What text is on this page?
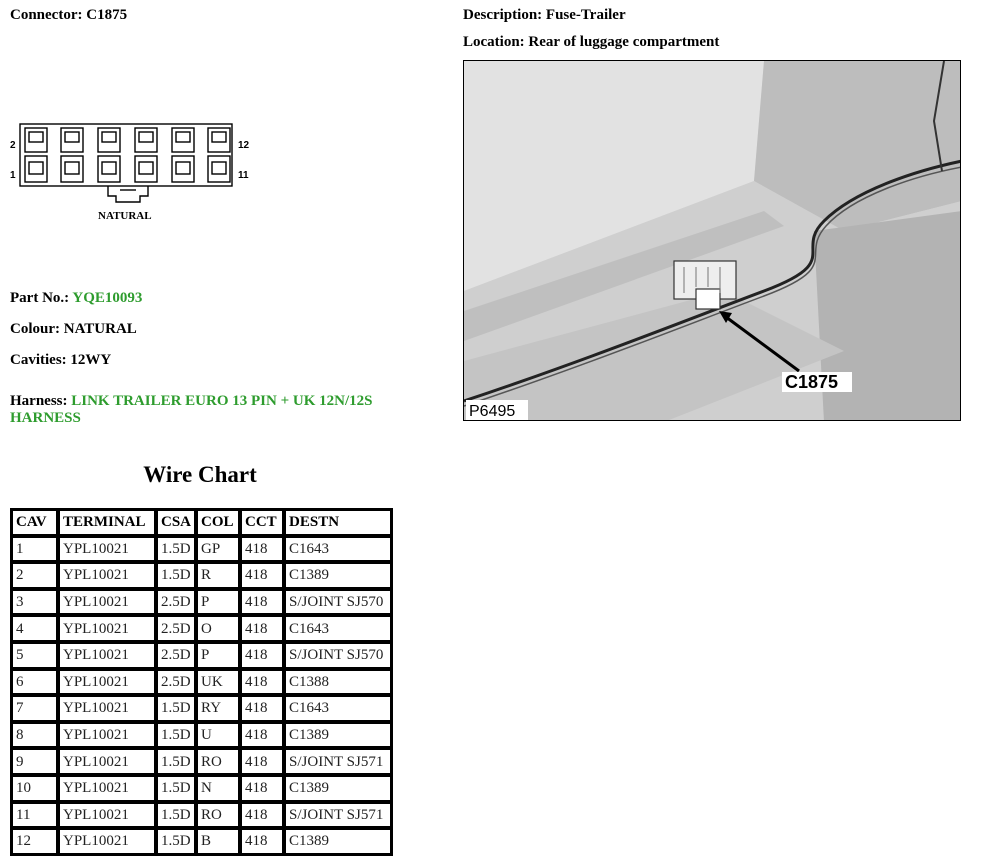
Connector: C1875	Description: Fuse-Trailer
Location: Rear of luggage compartment
2
1
12
11
NATURAL
Part No.: YQE10093
Colour: NATURAL
Cavities: 12WY
Harness: LINK TRAILER EURO 13 PIN + UK 12N/12S
HARNESS
C1875
P6495
Wire Chart
CAV	TERMINAL	CSA	COL	CCT	DESTN
1	YPL10021	1.5D	GP	418	C1643
2	YPL10021	1.5D	R	418	C1389
3	YPL10021	2.5D	P	418	S/JOINT SJ570
4	YPL10021	2.5D	O	418	C1643
5	YPL10021	2.5D	P	418	S/JOINT SJ570
6	YPL10021	2.5D	UK	418	C1388
7	YPL10021	1.5D	RY	418	C1643
8	YPL10021	1.5D	U	418	C1389
9	YPL10021	1.5D	RO	418	S/JOINT SJ571
10	YPL10021	1.5D	N	418	C1389
11	YPL10021	1.5D	RO	418	S/JOINT SJ571
12	YPL10021	1.5D	B	418	C1389
